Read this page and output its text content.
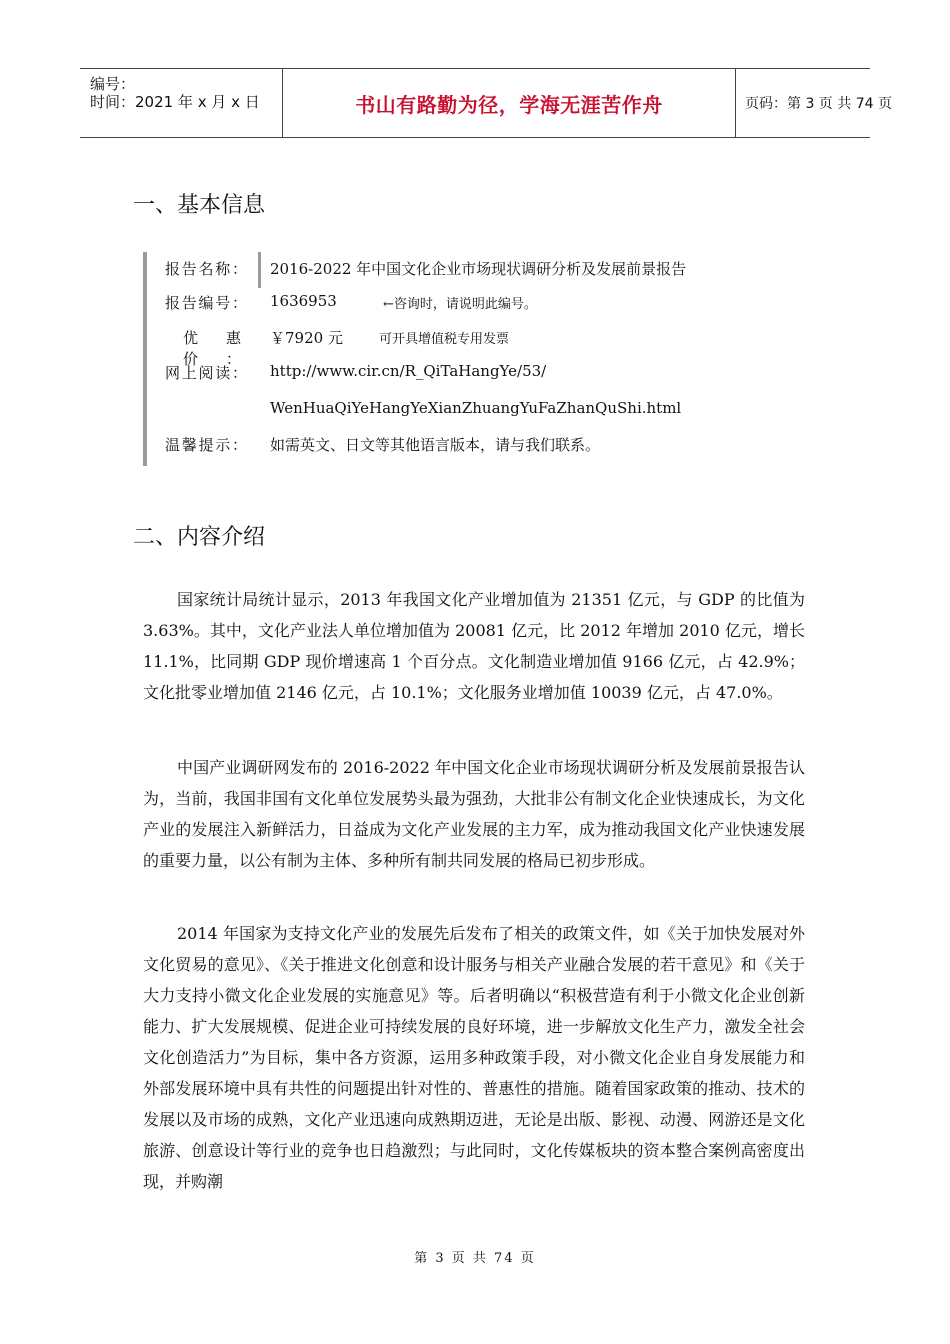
编号：
时间：2021 年 x 月 x 日	书山有路勤为径，学海无涯苦作舟	页码：第 3 页 共 74 页
一、基本信息
报告名称： 2016-2022 年中国文化企业市场现状调研分析及发展前景报告
报告编号： 1636953	←咨询时，请说明此编号。
优惠价：
￥7920 元	可开具增值税专用发票
网上阅读： http://www.cir.cn/R_QiTaHangYe/53/
WenHuaQiYeHangYeXianZhuangYuFaZhanQuShi.html
温馨提示： 如需英文、日文等其他语言版本，请与我们联系。
二、内容介绍
国家统计局统计显示，2013 年我国文化产业增加值为 21351 亿元，与 GDP 的比值为 3.63%。其中，文化产业法人单位增加值为 20081 亿元，比 2012 年增加 2010 亿元，增长 11.1%，比同期 GDP 现价增速高 1 个百分点。文化制造业增加值 9166 亿元，占 42.9%；文化批零业增加值 2146 亿元，占 10.1%；文化服务业增加值 10039 亿元，占 47.0%。
中国产业调研网发布的 2016-2022 年中国文化企业市场现状调研分析及发展前景报告认为，当前，我国非国有文化单位发展势头最为强劲，大批非公有制文化企业快速成长，为文化产业的发展注入新鲜活力，日益成为文化产业发展的主力军，成为推动我国文化产业快速发展的重要力量，以公有制为主体、多种所有制共同发展的格局已初步形成。
2014 年国家为支持文化产业的发展先后发布了相关的政策文件，如《关于加快发展对外文化贸易的意见》、《关于推进文化创意和设计服务与相关产业融合发展的若干意见》和《关于大力支持小微文化企业发展的实施意见》等。后者明确以“积极营造有利于小微文化企业创新能力、扩大发展规模、促进企业可持续发展的良好环境，进一步解放文化生产力，激发全社会文化创造活力”为目标，集中各方资源，运用多种政策手段，对小微文化企业自身发展能力和外部发展环境中具有共性的问题提出针对性的、普惠性的措施。随着国家政策的推动、技术的发展以及市场的成熟，文化产业迅速向成熟期迈进，无论是出版、影视、动漫、网游还是文化旅游、创意设计等行业的竞争也日趋激烈；与此同时，文化传媒板块的资本整合案例高密度出现，并购潮
第 3 页 共 74 页
